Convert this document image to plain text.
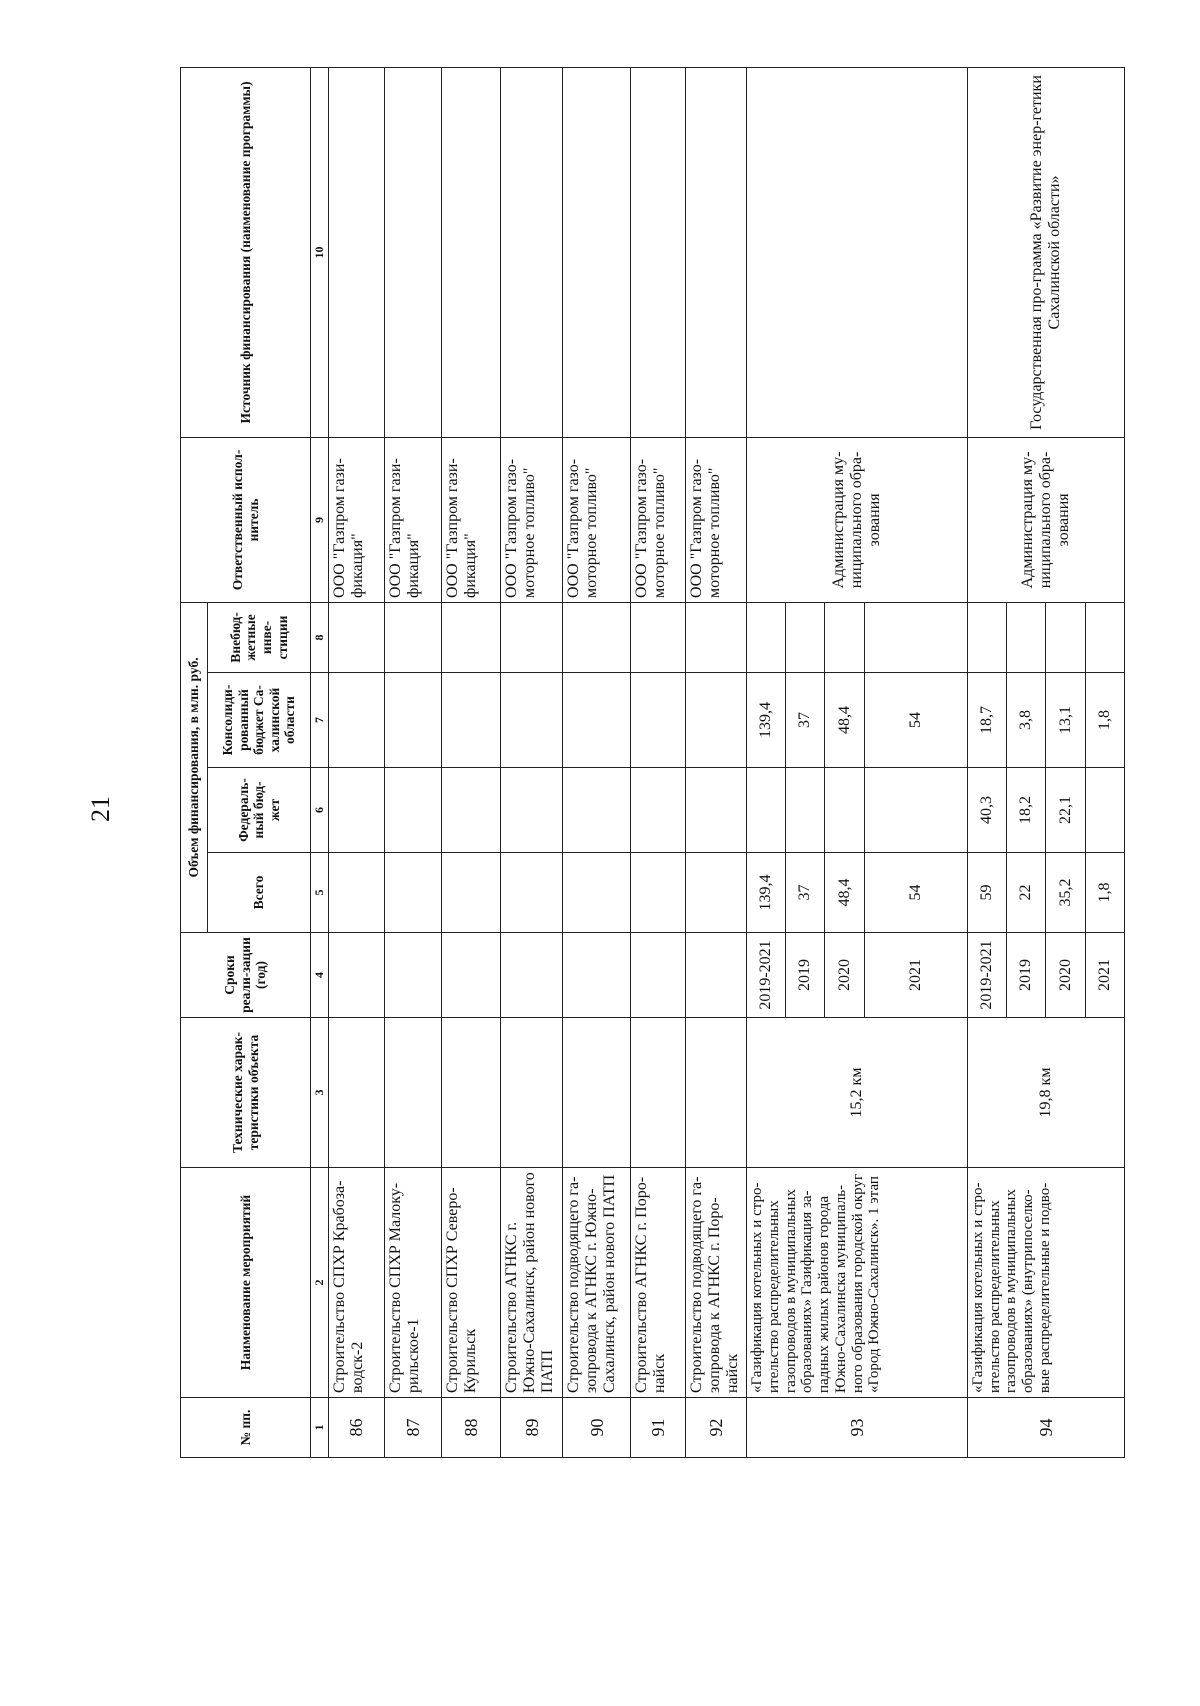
21
№ пп.	Наименование мероприятий	Технические харак-теристики объекта	Сроки реали-зации (год)	Объем финансирования, в млн. руб.				Ответственный испол-нитель	Источник финансирования (наименование программы)
				Всего	Федераль-ный бюд-жет	Консолиди-рованный бюджет Са-халинской области	Внебюд-жетные инве-стиции		
1	2	3	4	5	6	7	8	9	10
86	Строительство СПХР Крабоза-водск-2							ООО "Газпром гази-фикация"	
87	Строительство СПХР Малоку-рильское-1							ООО "Газпром гази-фикация"	
88	Строительство СПХР Северо-Курильск							ООО "Газпром гази-фикация"	
89	Строительство АГНКС г. Южно-Сахалинск, район нового ПАТП							ООО "Газпром газо-моторное топливо"	
90	Строительство подводящего га-зопровода к АГНКС г. Южно-Сахалинск, район нового ПАТП							ООО "Газпром газо-моторное топливо"	
91	Строительство АГНКС г. Поро-найск							ООО "Газпром газо-моторное топливо"	
92	Строительство подводящего га-зопровода к АГНКС г. Поро-найск							ООО "Газпром газо-моторное топливо"	
93	«Газификация котельных и стро-ительство распределительных газопроводов в муниципальных образованиях» Газификация за-падных жилых районов города Южно-Сахалинска муниципаль-ного образования городской округ «Город Южно-Сахалинск». 1 этап	15,2 км	2019-2021	139,4		139,4		Администрация му-ниципального обра-зования	
			2019	37		37			
			2020	48,4		48,4			
			2021	54		54			
94	«Газификация котельных и стро-ительство распределительных газопроводов в муниципальных образованиях» (внутрипоселко-вые распределительные и подво-	19,8 км	2019-2021	59	40,3	18,7		Администрация му-ниципального обра-зования	Государственная про-грамма «Развитие энер-гетики Сахалинской области»
			2019	22	18,2	3,8			
			2020	35,2	22,1	13,1			
			2021	1,8		1,8			
